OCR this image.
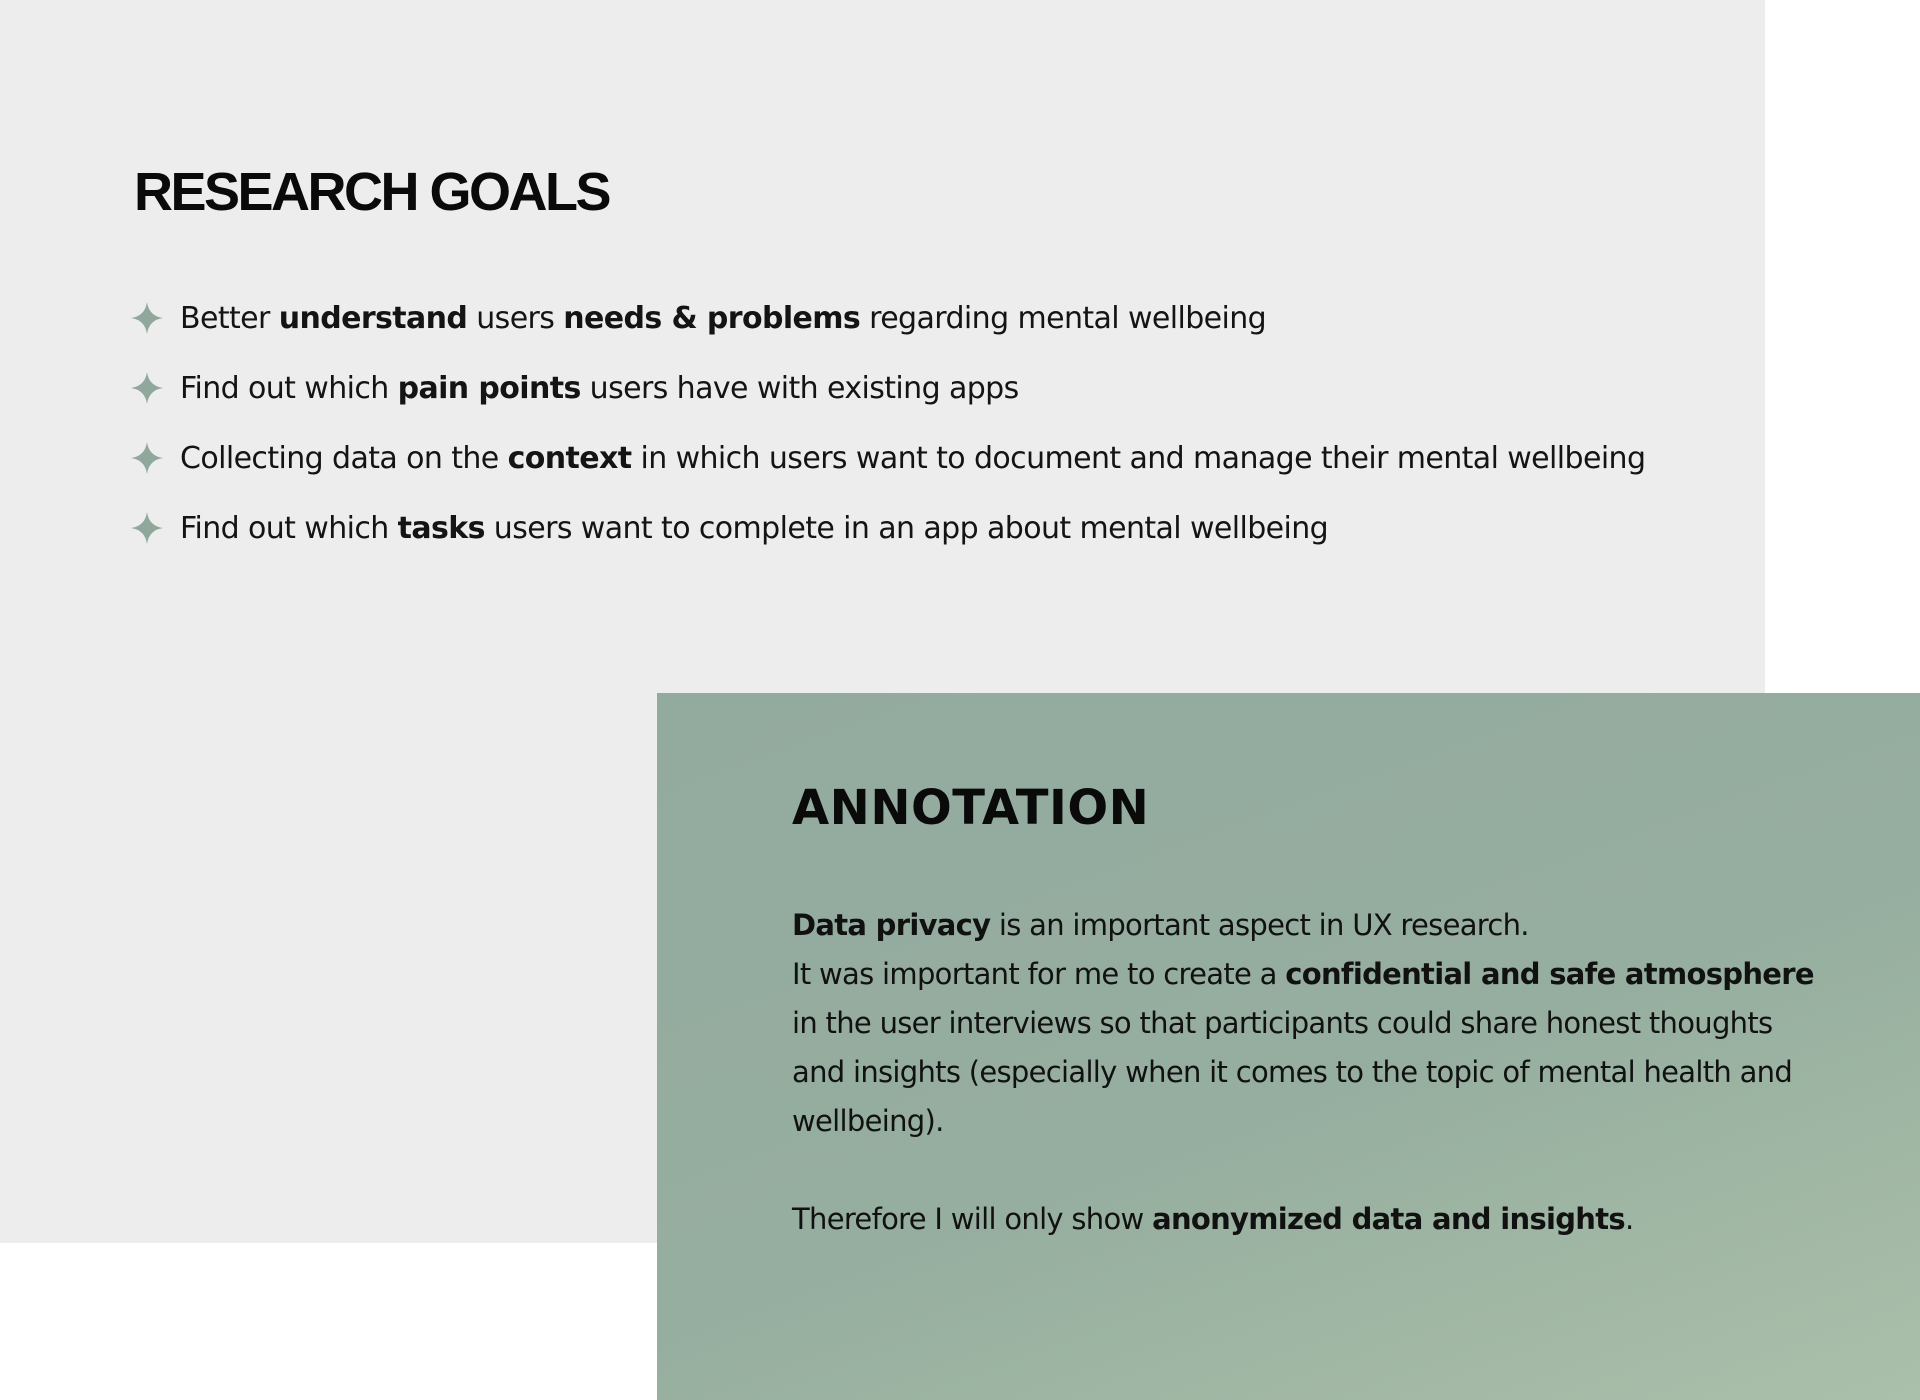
RESEARCH GOALS
Better understand users needs & problems regarding mental wellbeing
Find out which pain points users have with existing apps
Collecting data on the context in which users want to document and manage their mental wellbeing
Find out which tasks users want to complete in an app about mental wellbeing
ANNOTATION

Data privacy is an important aspect in UX research.
It was important for me to create a confidential and safe atmosphere in the user interviews so that participants could share honest thoughts and insights (especially when it comes to the topic of mental health and wellbeing).

Therefore I will only show anonymized data and insights.
